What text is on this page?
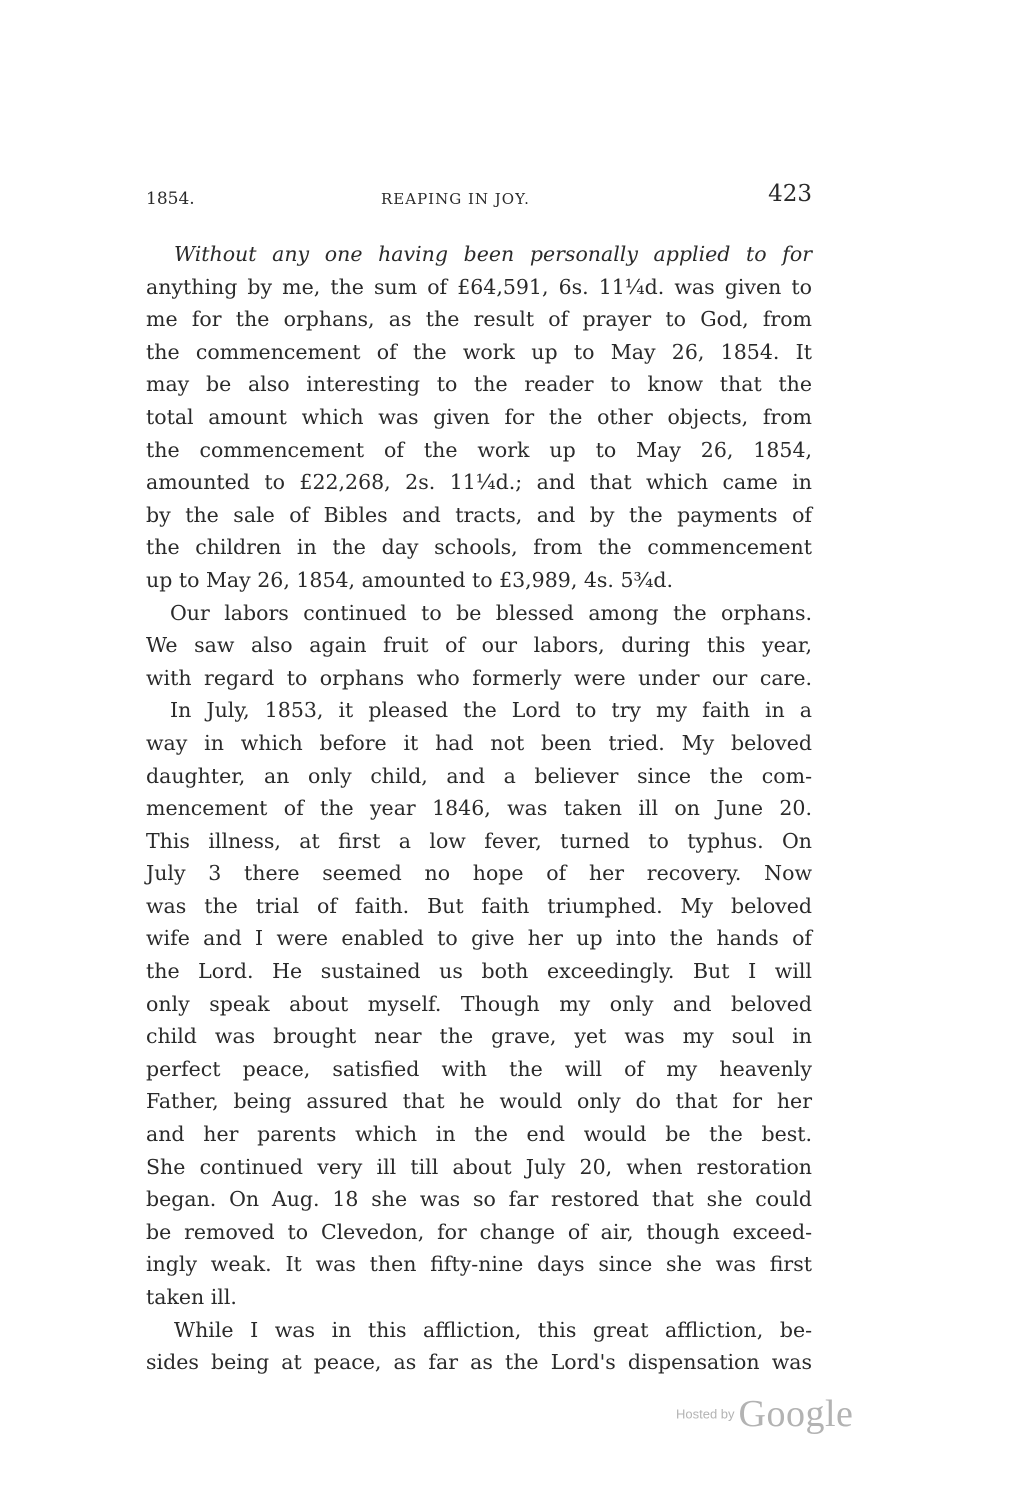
1854.	REAPING IN JOY.	423
Without any one having been personally applied to for
anything by me, the sum of £64,591, 6s. 11¼d. was given to
me for the orphans, as the result of prayer to God, from
the commencement of the work up to May 26, 1854. It
may be also interesting to the reader to know that the
total amount which was given for the other objects, from
the commencement of the work up to May 26, 1854,
amounted to £22,268, 2s. 11¼d.; and that which came in
by the sale of Bibles and tracts, and by the payments of
the children in the day schools, from the commencement
up to May 26, 1854, amounted to £3,989, 4s. 5¾d.
Our labors continued to be blessed among the orphans.
We saw also again fruit of our labors, during this year,
with regard to orphans who formerly were under our care.
In July, 1853, it pleased the Lord to try my faith in a
way in which before it had not been tried. My beloved
daughter, an only child, and a believer since the com-
mencement of the year 1846, was taken ill on June 20.
This illness, at first a low fever, turned to typhus. On
July 3 there seemed no hope of her recovery. Now
was the trial of faith. But faith triumphed. My beloved
wife and I were enabled to give her up into the hands of
the Lord. He sustained us both exceedingly. But I will
only speak about myself. Though my only and beloved
child was brought near the grave, yet was my soul in
perfect peace, satisfied with the will of my heavenly
Father, being assured that he would only do that for her
and her parents which in the end would be the best.
She continued very ill till about July 20, when restoration
began. On Aug. 18 she was so far restored that she could
be removed to Clevedon, for change of air, though exceed-
ingly weak. It was then fifty-nine days since she was first
taken ill.
While I was in this affliction, this great affliction, be-
sides being at peace, as far as the Lord's dispensation was
Hosted by Google
